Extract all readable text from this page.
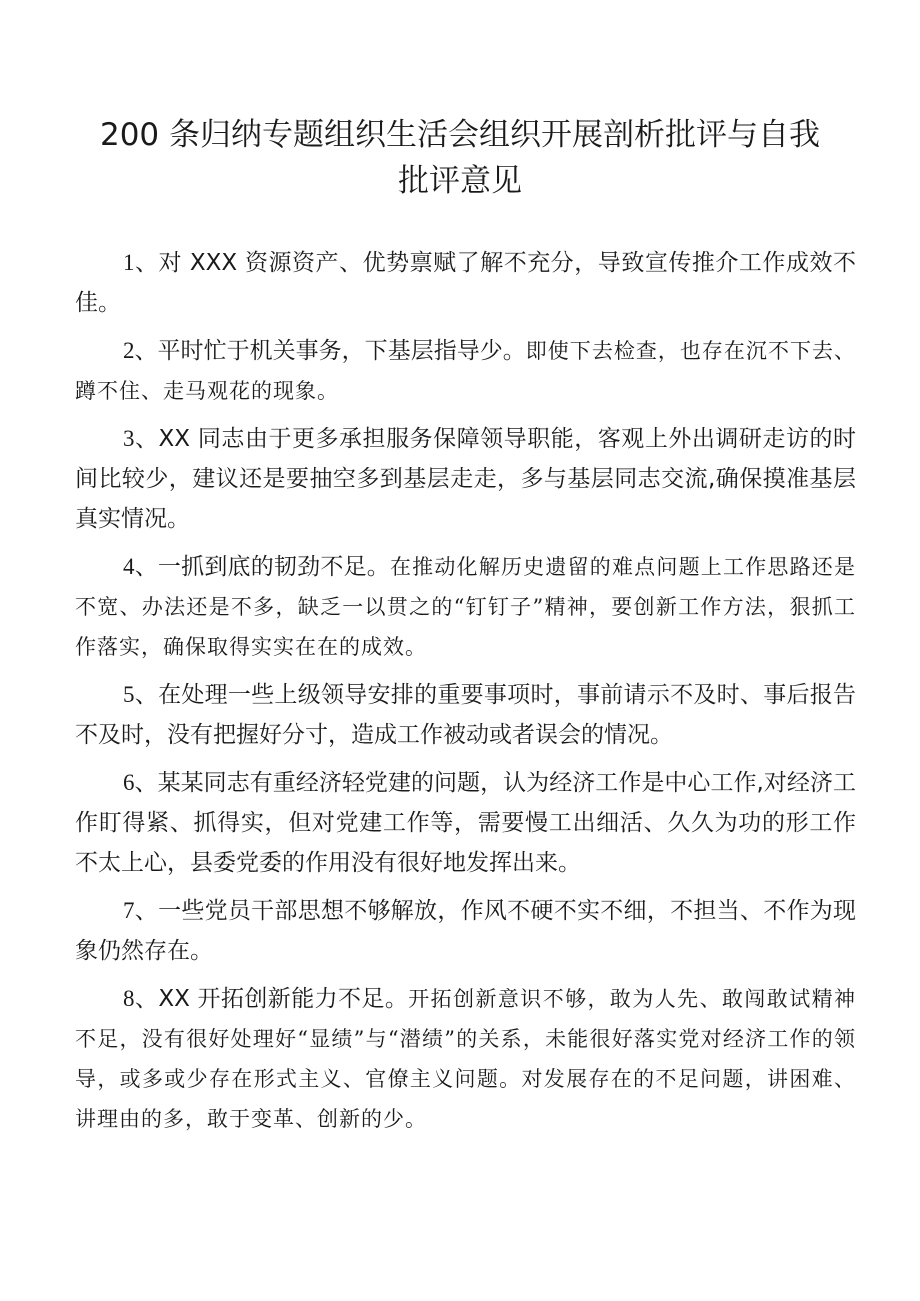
200 条归纳专题组织生活会组织开展剖析批评与自我
批评意见

1、对 XXX 资源资产、优势禀赋了解不充分，导致宣传推介工作成效不佳。

2、平时忙于机关事务，下基层指导少。即使下去检查，也存在沉不下去、蹲不住、走马观花的现象。

3、XX 同志由于更多承担服务保障领导职能，客观上外出调研走访的时间比较少，建议还是要抽空多到基层走走，多与基层同志交流,确保摸准基层真实情况。

4、一抓到底的韧劲不足。在推动化解历史遗留的难点问题上工作思路还是不宽、办法还是不多，缺乏一以贯之的“钉钉子”精神，要创新工作方法，狠抓工作落实，确保取得实实在在的成效。

5、在处理一些上级领导安排的重要事项时，事前请示不及时、事后报告不及时，没有把握好分寸，造成工作被动或者误会的情况。

6、某某同志有重经济轻党建的问题，认为经济工作是中心工作,对经济工作盯得紧、抓得实，但对党建工作等，需要慢工出细活、久久为功的形工作不太上心，县委党委的作用没有很好地发挥出来。

7、一些党员干部思想不够解放，作风不硬不实不细，不担当、不作为现象仍然存在。

8、XX 开拓创新能力不足。开拓创新意识不够，敢为人先、敢闯敢试精神不足，没有很好处理好“显绩”与“潜绩”的关系，未能很好落实党对经济工作的领导，或多或少存在形式主义、官僚主义问题。对发展存在的不足问题，讲困难、讲理由的多，敢于变革、创新的少。
